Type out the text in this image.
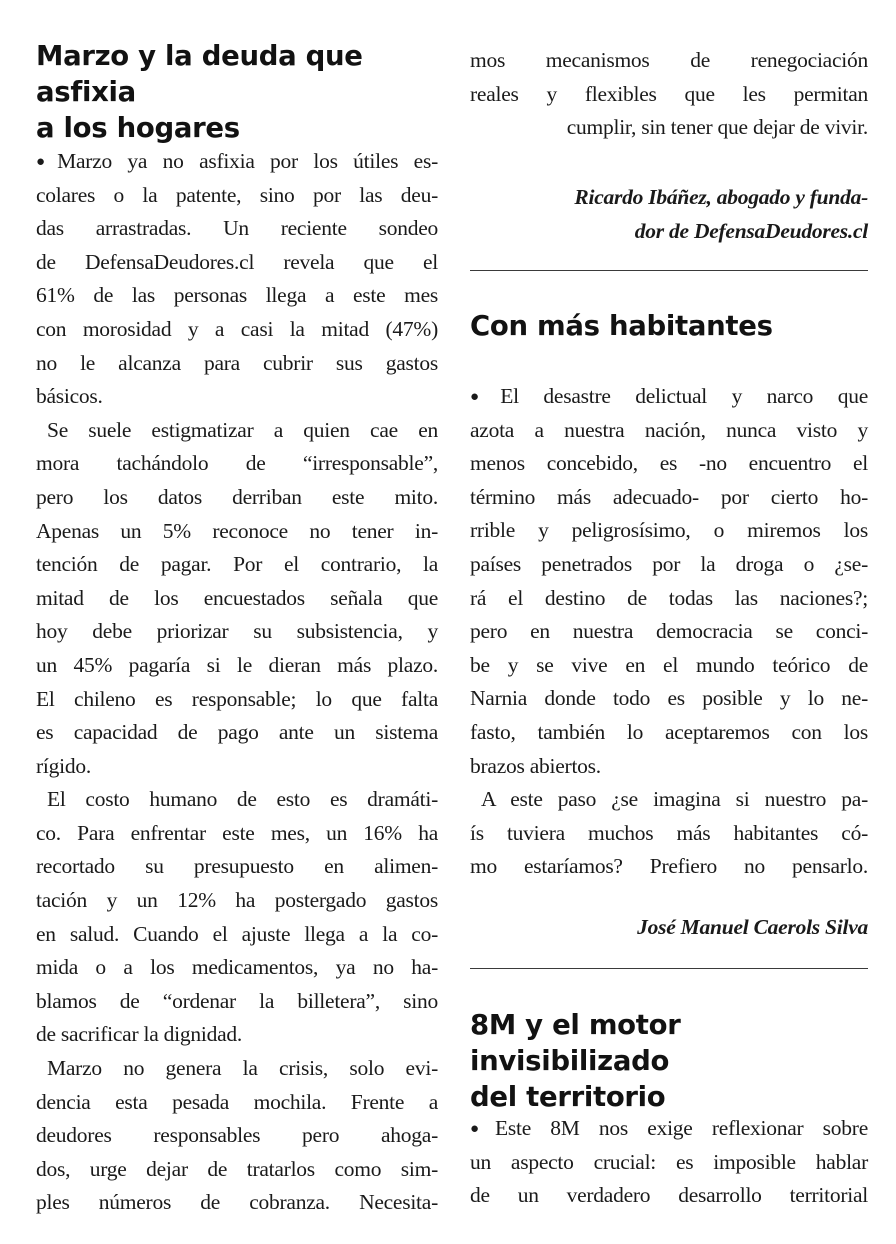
Marzo y la deuda que asfixia
a los hogares
●Marzo ya no asfixia por los útiles es-
colares o la patente, sino por las deu-
das arrastradas. Un reciente sondeo
de DefensaDeudores.cl revela que el
61% de las personas llega a este mes
con morosidad y a casi la mitad (47%)
no le alcanza para cubrir sus gastos
básicos.
Se suele estigmatizar a quien cae en
mora tachándolo de “irresponsable”,
pero los datos derriban este mito.
Apenas un 5% reconoce no tener in-
tención de pagar. Por el contrario, la
mitad de los encuestados señala que
hoy debe priorizar su subsistencia, y
un 45% pagaría si le dieran más plazo.
El chileno es responsable; lo que falta
es capacidad de pago ante un sistema
rígido.
El costo humano de esto es dramáti-
co. Para enfrentar este mes, un 16% ha
recortado su presupuesto en alimen-
tación y un 12% ha postergado gastos
en salud. Cuando el ajuste llega a la co-
mida o a los medicamentos, ya no ha-
blamos de “ordenar la billetera”, sino
de sacrificar la dignidad.
Marzo no genera la crisis, solo evi-
dencia esta pesada mochila. Frente a
deudores responsables pero ahoga-
dos, urge dejar de tratarlos como sim-
ples números de cobranza. Necesita-
mos mecanismos de renegociación
reales y flexibles que les permitan
cumplir, sin tener que dejar de vivir.
Ricardo Ibáñez, abogado y funda-
dor de DefensaDeudores.cl
Con más habitantes
●El desastre delictual y narco que
azota a nuestra nación, nunca visto y
menos concebido, es -no encuentro el
término más adecuado- por cierto ho-
rrible y peligrosísimo, o miremos los
países penetrados por la droga o ¿se-
rá el destino de todas las naciones?;
pero en nuestra democracia se conci-
be y se vive en el mundo teórico de
Narnia donde todo es posible y lo ne-
fasto, también lo aceptaremos con los
brazos abiertos.
A este paso ¿se imagina si nuestro pa-
ís tuviera muchos más habitantes có-
mo estaríamos? Prefiero no pensarlo.
José Manuel Caerols Silva
8M y el motor invisibilizado
del territorio
●Este 8M nos exige reflexionar sobre
un aspecto crucial: es imposible hablar
de un verdadero desarrollo territorial
